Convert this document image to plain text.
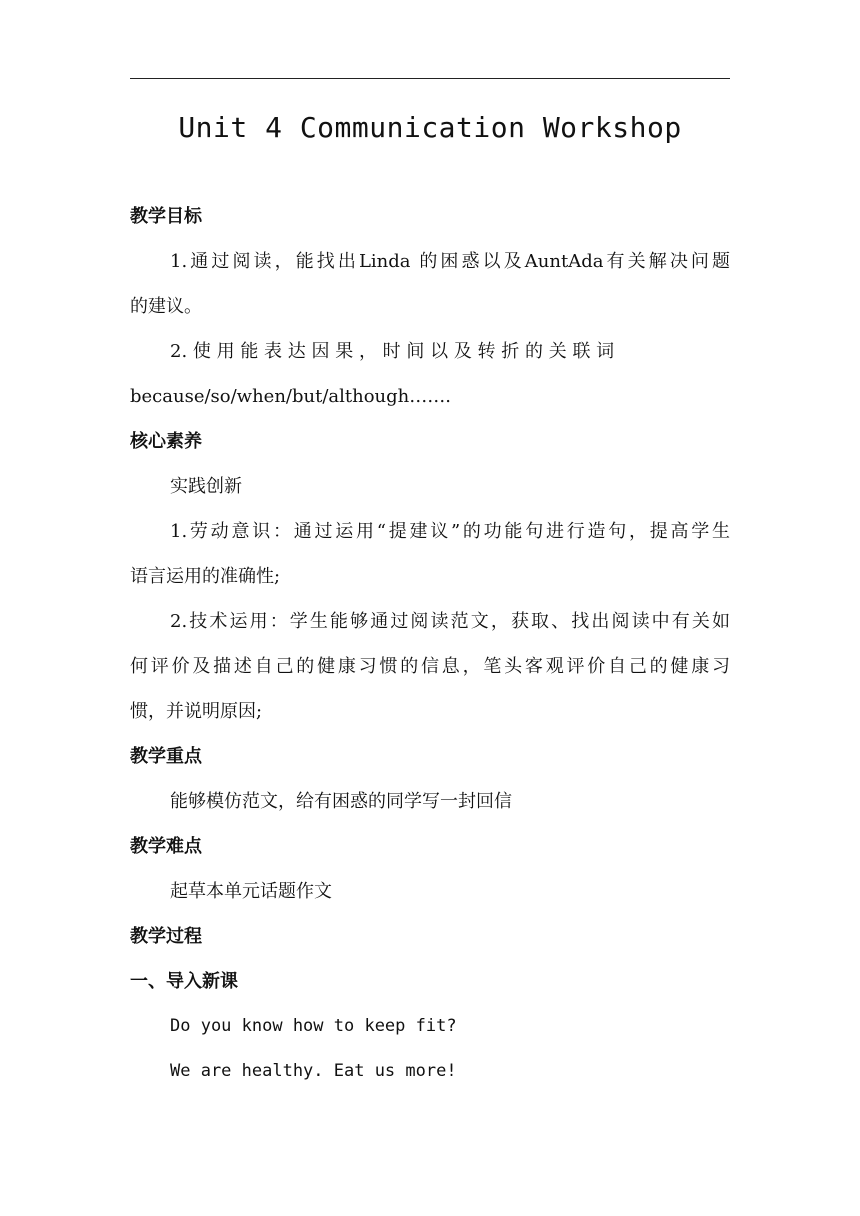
Unit 4 Communication Workshop
教学目标
1.通过阅读，能找出Linda 的困惑以及AuntAda有关解决问题
的建议。
2. 使 用 能 表 达 因 果 ， 时 间 以 及 转 折 的 关 联 词
because/so/when/but/although…….
核心素养
实践创新
1.劳动意识：通过运用“提建议”的功能句进行造句，提高学生
语言运用的准确性;
2.技术运用：学生能够通过阅读范文，获取、找出阅读中有关如
何评价及描述自己的健康习惯的信息，笔头客观评价自己的健康习
惯，并说明原因;
教学重点
能够模仿范文，给有困惑的同学写一封回信
教学难点
起草本单元话题作文
教学过程
一、导入新课
Do you know how to keep fit?
We are healthy. Eat us more!
